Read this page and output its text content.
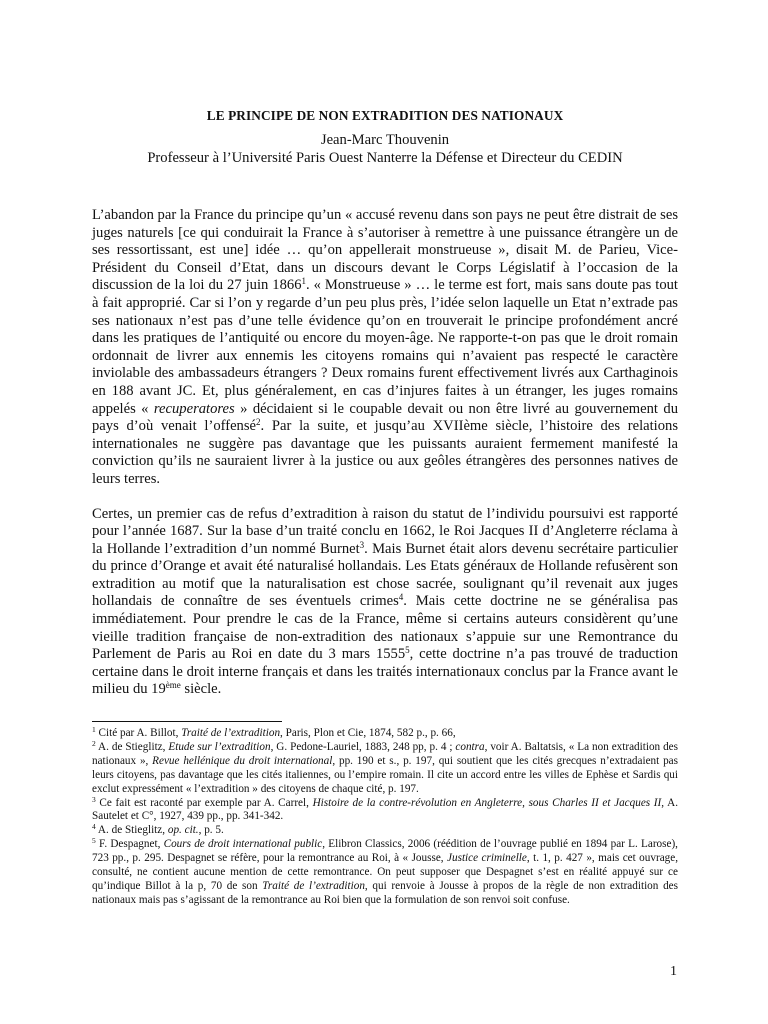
LE PRINCIPE DE NON EXTRADITION DES NATIONAUX
Jean-Marc Thouvenin
Professeur à l’Université Paris Ouest Nanterre la Défense et Directeur du CEDIN

L’abandon par la France du principe qu’un « accusé revenu dans son pays ne peut être distrait de ses juges naturels [ce qui conduirait la France à s’autoriser à remettre à une puissance étrangère un de ses ressortissant, est une] idée … qu’on appellerait monstrueuse », disait M. de Parieu, Vice-Président du Conseil d’Etat, dans un discours devant le Corps Législatif à l’occasion de la discussion de la loi du 27 juin 1866$^1$. « Monstrueuse » … le terme est fort, mais sans doute pas tout à fait approprié. Car si l’on y regarde d’un peu plus près, l’idée selon laquelle un Etat n’extrade pas ses nationaux n’est pas d’une telle évidence qu’on en trouverait le principe profondément ancré dans les pratiques de l’antiquité ou encore du moyen-âge. Ne rapporte-t-on pas que le droit romain ordonnait de livrer aux ennemis les citoyens romains qui n’avaient pas respecté le caractère inviolable des ambassadeurs étrangers ? Deux romains furent effectivement livrés aux Carthaginois en 188 avant JC. Et, plus généralement, en cas d’injures faites à un étranger, les juges romains appelés « recuperatores » décidaient si le coupable devait ou non être livré au gouvernement du pays d’où venait l’offensé$^2$. Par la suite, et jusqu’au XVIIème siècle, l’histoire des relations internationales ne suggère pas davantage que les puissants auraient fermement manifesté la conviction qu’ils ne sauraient livrer à la justice ou aux geôles étrangères des personnes natives de leurs terres.

Certes, un premier cas de refus d’extradition à raison du statut de l’individu poursuivi est rapporté pour l’année 1687. Sur la base d’un traité conclu en 1662, le Roi Jacques II d’Angleterre réclama à la Hollande l’extradition d’un nommé Burnet$^3$. Mais Burnet était alors devenu secrétaire particulier du prince d’Orange et avait été naturalisé hollandais. Les Etats généraux de Hollande refusèrent son extradition au motif que la naturalisation est chose sacrée, soulignant qu’il revenait aux juges hollandais de connaître de ses éventuels crimes$^4$. Mais cette doctrine ne se généralisa pas immédiatement. Pour prendre le cas de la France, même si certains auteurs considèrent qu’une vieille tradition française de non-extradition des nationaux s’appuie sur une Remontrance du Parlement de Paris au Roi en date du 3 mars 1555$^5$, cette doctrine n’a pas trouvé de traduction certaine dans le droit interne français et dans les traités internationaux conclus par la France avant le milieu du 19ème siècle.

$^1$ Cité par A. Billot, Traité de l’extradition, Paris, Plon et Cie, 1874, 582 p., p. 66,

$^2$ A. de Stieglitz, Etude sur l’extradition, G. Pedone-Lauriel, 1883, 248 pp, p. 4 ; contra, voir A. Baltatsis, « La non extradition des nationaux », Revue hellénique du droit international, pp. 190 et s., p. 197, qui soutient que les cités grecques n’extradaient pas leurs citoyens, pas davantage que les cités italiennes, ou l’empire romain. Il cite un accord entre les villes de Ephèse et Sardis qui exclut expressément « l’extradition » des citoyens de chaque cité, p. 197.

$^3$ Ce fait est raconté par exemple par A. Carrel, Histoire de la contre-révolution en Angleterre, sous Charles II et Jacques II, A. Sautelet et C°, 1927, 439 pp., pp. 341-342.

$^4$ A. de Stieglitz, op. cit., p. 5.

$^5$ F. Despagnet, Cours de droit international public, Elibron Classics, 2006 (réédition de l’ouvrage publié en 1894 par L. Larose), 723 pp., p. 295. Despagnet se réfère, pour la remontrance au Roi, à « Jousse, Justice criminelle, t. 1, p. 427 », mais cet ouvrage, consulté, ne contient aucune mention de cette remontrance. On peut supposer que Despagnet s’est en réalité appuyé sur ce qu’indique Billot à la p, 70 de son Traité de l’extradition, qui renvoie à Jousse à propos de la règle de non extradition des nationaux mais pas s’agissant de la remontrance au Roi bien que la formulation de son renvoi soit confuse.

1
